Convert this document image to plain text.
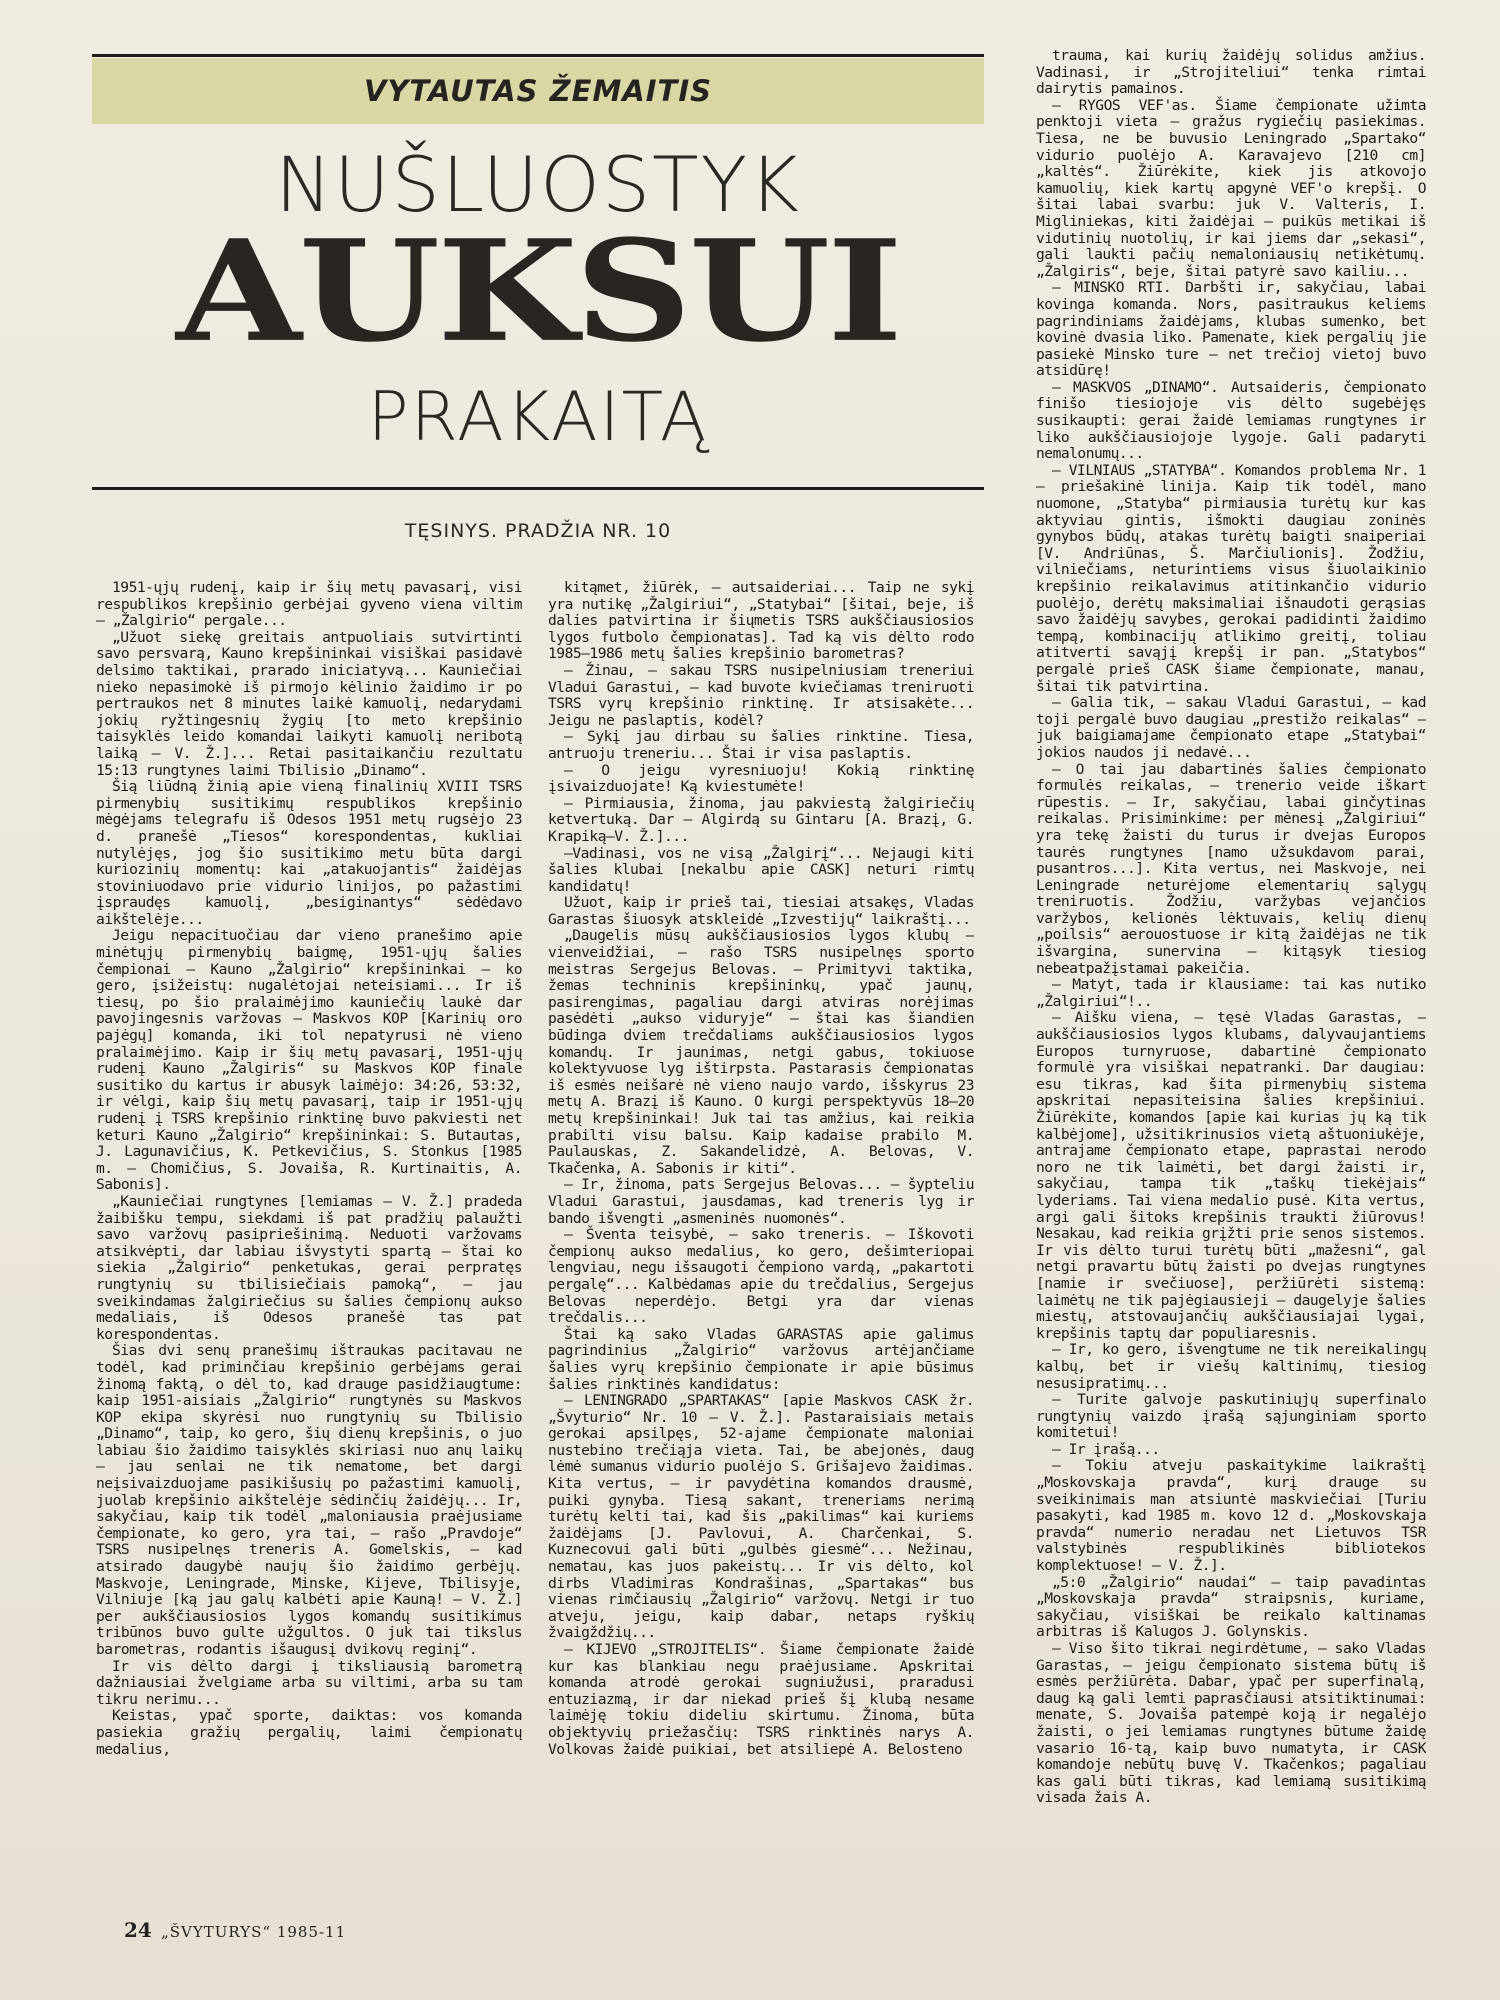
VYTAUTAS ŽEMAITIS
NUŠLUOSTYK
AUKSUI
PRAKAITĄ
TĘSINYS. PRADŽIA NR. 10

1951-ųjų rudenį, kaip ir šių metų pavasarį, visi respublikos krepšinio gerbėjai gyveno viena viltim — „Žalgirio“ pergale...

„Užuot siekę greitais antpuoliais sutvirtinti savo persvarą, Kauno krepšininkai visiškai pasidavė delsimo taktikai, prarado iniciatyvą... Kauniečiai nieko nepasimokė iš pirmojo kėlinio žaidimo ir po pertraukos net 8 minutes laikė kamuolį, nedarydami jokių ryžtingesnių žygių [to meto krepšinio taisyklės leido komandai laikyti kamuolį neribotą laiką — V. Ž.]... Retai pasitaikančiu rezultatu 15:13 rungtynes laimi Tbilisio „Dinamo“.

Šią liūdną žinią apie vieną finalinių XVIII TSRS pirmenybių susitikimų respublikos krepšinio mėgėjams telegrafu iš Odesos 1951 metų rugsėjo 23 d. pranešė „Tiesos“ korespondentas, kukliai nutylėjęs, jog šio susitikimo metu būta dargi kuriozinių momentų: kai „atakuojantis“ žaidėjas stoviniuodavo prie vidurio linijos, po pažastimi įspraudęs kamuolį, „besiginantys“ sėdėdavo aikštelėje...

Jeigu nepacituočiau dar vieno pranešimo apie minėtųjų pirmenybių baigmę, 1951-ųjų šalies čempionai — Kauno „Žalgirio“ krepšininkai — ko gero, įsižeistų: nugalėtojai neteisiami... Ir iš tiesų, po šio pralaimėjimo kauniečių laukė dar pavojingesnis varžovas — Maskvos KOP [Karinių oro pajėgų] komanda, iki tol nepatyrusi nė vieno pralaimėjimo. Kaip ir šių metų pavasarį, 1951-ųjų rudenį Kauno „Žalgiris“ su Maskvos KOP finale susitiko du kartus ir abusyk laimėjo: 34:26, 53:32, ir vėlgi, kaip šių metų pavasarį, taip ir 1951-ųjų rudenį į TSRS krepšinio rinktinę buvo pakviesti net keturi Kauno „Žalgirio“ krepšininkai: S. Butautas, J. Lagunavičius, K. Petkevičius, S. Stonkus [1985 m. — Chomičius, S. Jovaiša, R. Kurtinaitis, A. Sabonis].

„Kauniečiai rungtynes [lemiamas — V. Ž.] pradeda žaibišku tempu, siekdami iš pat pradžių palaužti savo varžovų pasipriešinimą. Neduoti varžovams atsikvėpti, dar labiau išvystyti spartą — štai ko siekia „Žalgirio“ penketukas, gerai perpratęs rungtynių su tbilisiečiais pamoką“, — jau sveikindamas žalgiriečius su šalies čempionų aukso medaliais, iš Odesos pranešė tas pat korespondentas.

Šias dvi senų pranešimų ištraukas pacitavau ne todėl, kad priminčiau krepšinio gerbėjams gerai žinomą faktą, o dėl to, kad drauge pasidžiaugtume: kaip 1951-aisiais „Žalgirio“ rungtynės su Maskvos KOP ekipa skyrėsi nuo rungtynių su Tbilisio „Dinamo“, taip, ko gero, šių dienų krepšinis, o juo labiau šio žaidimo taisyklės skiriasi nuo anų laikų — jau senlai ne tik nematome, bet dargi neįsivaizduojame pasikišusių po pažastimi kamuolį, juolab krepšinio aikštelėje sėdinčių žaidėjų... Ir, sakyčiau, kaip tik todėl „maloniausia praėjusiame čempionate, ko gero, yra tai, — rašo „Pravdoje“ TSRS nusipelnęs treneris A. Gomelskis, — kad atsirado daugybė naujų šio žaidimo gerbėjų. Maskvoje, Leningrade, Minske, Kijeve, Tbilisyje, Vilniuje [ką jau galų kalbėti apie Kauną! — V. Ž.] per aukščiausiosios lygos komandų susitikimus tribūnos buvo gulte užgultos. O juk tai tikslus barometras, rodantis išaugusį dvikovų reginį“.

Ir vis dėlto dargi į tiksliausią barometrą dažniausiai žvelgiame arba su viltimi, arba su tam tikru nerimu...

Keistas, ypač sporte, daiktas: vos komanda pasiekia gražių pergalių, laimi čempionatų medalius,

kitąmet, žiūrėk, — autsaideriai... Taip ne sykį yra nutikę „Žalgiriui“, „Statybai“ [šitai, beje, iš dalies patvirtina ir šiųmetis TSRS aukščiausiosios lygos futbolo čempionatas]. Tad ką vis dėlto rodo 1985—1986 metų šalies krepšinio barometras?

— Žinau, — sakau TSRS nusipelniusiam treneriui Vladui Garastui, — kad buvote kviečiamas treniruoti TSRS vyrų krepšinio rinktinę. Ir atsisakėte... Jeigu ne paslaptis, kodėl?

— Sykį jau dirbau su šalies rinktine. Tiesa, antruoju treneriu... Štai ir visa paslaptis.

— O jeigu vyresniuoju! Kokią rinktinę įsivaizduojate! Ką kviestumėte!

— Pirmiausia, žinoma, jau pakviestą žalgiriečių ketvertuką. Dar — Algirdą su Gintaru [A. Brazį, G. Krapiką—V. Ž.]...

—Vadinasi, vos ne visą „Žalgirį“... Nejaugi kiti šalies klubai [nekalbu apie CASK] neturi rimtų kandidatų!

Užuot, kaip ir prieš tai, tiesiai atsakęs, Vladas Garastas šiuosyk atskleidė „Izvestijų“ laikraštį...

„Daugelis mūsų aukščiausiosios lygos klubų — vienveidžiai, — rašo TSRS nusipelnęs sporto meistras Sergejus Belovas. — Primityvi taktika, žemas techninis krepšininkų, ypač jaunų, pasirengimas, pagaliau dargi atviras norėjimas pasėdėti „aukso viduryje“ — štai kas šiandien būdinga dviem trečdaliams aukščiausiosios lygos komandų. Ir jaunimas, netgi gabus, tokiuose kolektyvuose lyg ištirpsta. Pastarasis čempionatas iš esmės neišarė nė vieno naujo vardo, išskyrus 23 metų A. Brazį iš Kauno. O kurgi perspektyvūs 18—20 metų krepšininkai! Juk tai tas amžius, kai reikia prabilti visu balsu. Kaip kadaise prabilo M. Paulauskas, Z. Sakandelidzė, A. Belovas, V. Tkačenka, A. Sabonis ir kiti“.

— Ir, žinoma, pats Sergejus Belovas... — šypteliu Vladui Garastui, jausdamas, kad treneris lyg ir bando išvengti „asmeninės nuomonės“.

— Šventa teisybė, — sako treneris. — Iškovoti čempionų aukso medalius, ko gero, dešimteriopai lengviau, negu išsaugoti čempiono vardą, „pakartoti pergalę“... Kalbėdamas apie du trečdalius, Sergejus Belovas neperdėjo. Betgi yra dar vienas trečdalis...

Štai ką sako Vladas GARASTAS apie galimus pagrindinius „Žalgirio“ varžovus artėjančiame šalies vyrų krepšinio čempionate ir apie būsimus šalies rinktinės kandidatus:

— LENINGRADO „SPARTAKAS“ [apie Maskvos CASK žr. „Švyturio“ Nr. 10 — V. Ž.]. Pastaraisiais metais gerokai apsilpęs, 52-ajame čempionate maloniai nustebino trečiąja vieta. Tai, be abejonės, daug lėmė sumanus vidurio puolėjo S. Grišajevo žaidimas. Kita vertus, — ir pavydėtina komandos drausmė, puiki gynyba. Tiesą sakant, treneriams nerimą turėtų kelti tai, kad šis „pakilimas“ kai kuriems žaidėjams [J. Pavlovui, A. Charčenkai, S. Kuznecovui gali būti „gulbės giesmė“... Nežinau, nematau, kas juos pakeistų... Ir vis dėlto, kol dirbs Vladimiras Kondrašinas, „Spartakas“ bus vienas rimčiausių „Žalgirio“ varžovų. Netgi ir tuo atveju, jeigu, kaip dabar, netaps ryškių žvaigždžių...

— KIJEVO „STROJITELIS“. Šiame čempionate žaidė kur kas blankiau negu praėjusiame. Apskritai komanda atrodė gerokai sugniužusi, praradusi entuziazmą, ir dar niekad prieš šį klubą nesame laimėję tokiu dideliu skirtumu. Žinoma, būta objektyvių priežasčių: TSRS rinktinės narys A. Volkovas žaidė puikiai, bet atsiliepė A. Belosteno

trauma, kai kurių žaidėjų solidus amžius. Vadinasi, ir „Strojiteliui“ tenka rimtai dairytis pamainos.

— RYGOS VEF'as. Šiame čempionate užimta penktoji vieta — gražus rygiečių pasiekimas. Tiesa, ne be buvusio Leningrado „Spartako“ vidurio puolėjo A. Karavajevo [210 cm] „kaltės“. Žiūrėkite, kiek jis atkovojo kamuolių, kiek kartų apgynė VEF'o krepšį. O šitai labai svarbu: juk V. Valteris, I. Migliniekas, kiti žaidėjai — puikūs metikai iš vidutinių nuotolių, ir kai jiems dar „sekasi“, gali laukti pačių nemaloniausių netikėtumų. „Žalgiris“, beje, šitai patyrė savo kailiu...

— MINSKO RTI. Darbšti ir, sakyčiau, labai kovinga komanda. Nors, pasitraukus keliems pagrindiniams žaidėjams, klubas sumenko, bet kovinė dvasia liko. Pamenate, kiek pergalių jie pasiekė Minsko ture — net trečioj vietoj buvo atsidūrę!

— MASKVOS „DINAMO“. Autsaideris, čempionato finišo tiesiojoje vis dėlto sugebėjęs susikaupti: gerai žaidė lemiamas rungtynes ir liko aukščiausiojoje lygoje. Gali padaryti nemalonumų...

— VILNIAUS „STATYBA“. Komandos problema Nr. 1 — priešakinė linija. Kaip tik todėl, mano nuomone, „Statyba“ pirmiausia turėtų kur kas aktyviau gintis, išmokti daugiau zoninės gynybos būdų, atakas turėtų baigti snaiperiai [V. Andriūnas, Š. Marčiulionis]. Žodžiu, vilniečiams, neturintiems visus šiuolaikinio krepšinio reikalavimus atitinkančio vidurio puolėjo, derėtų maksimaliai išnaudoti gerąsias savo žaidėjų savybes, gerokai padidinti žaidimo tempą, kombinacijų atlikimo greitį, toliau atitverti savąjį krepšį ir pan. „Statybos“ pergalė prieš CASK šiame čempionate, manau, šitai tik patvirtina.

— Galia tik, — sakau Vladui Garastui, — kad toji pergalė buvo daugiau „prestižo reikalas“ — juk baigiamajame čempionato etape „Statybai“ jokios naudos ji nedavė...

— O tai jau dabartinės šalies čempionato formulės reikalas, — trenerio veide iškart rūpestis. — Ir, sakyčiau, labai ginčytinas reikalas. Prisiminkime: per mėnesį „Žalgiriui“ yra tekę žaisti du turus ir dvejas Europos taurės rungtynes [namo užsukdavom parai, pusantros...]. Kita vertus, nei Maskvoje, nei Leningrade neturėjome elementarių sąlygų treniruotis. Žodžiu, varžybas vejančios varžybos, kelionės lėktuvais, kelių dienų „poilsis“ aerouostuose ir kitą žaidėjas ne tik išvargina, sunervina — kitąsyk tiesiog nebeatpažįstamai pakeičia.

— Matyt, tada ir klausiame: tai kas nutiko „Žalgiriui“!..

— Aišku viena, — tęsė Vladas Garastas, — aukščiausiosios lygos klubams, dalyvaujantiems Europos turnyruose, dabartinė čempionato formulė yra visiškai nepatranki. Dar daugiau: esu tikras, kad šita pirmenybių sistema apskritai nepasiteisina šalies krepšiniui. Žiūrėkite, komandos [apie kai kurias jų ką tik kalbėjome], užsitikrinusios vietą aštuoniukėje, antrajame čempionato etape, paprastai nerodo noro ne tik laimėti, bet dargi žaisti ir, sakyčiau, tampa tik „taškų tiekėjais“ lyderiams. Tai viena medalio pusė. Kita vertus, argi gali šitoks krepšinis traukti žiūrovus! Nesakau, kad reikia grįžti prie senos sistemos. Ir vis dėlto turui turėtų būti „mažesni“, gal netgi pravartu būtų žaisti po dvejas rungtynes [namie ir svečiuose], peržiūrėti sistemą: laimėtų ne tik pajėgiausieji — daugelyje šalies miestų, atstovaujančių aukščiausiajai lygai, krepšinis taptų dar populiaresnis.

— Ir, ko gero, išvengtume ne tik nereikalingų kalbų, bet ir viešų kaltinimų, tiesiog nesusipratimų...

— Turite galvoje paskutiniųjų superfinalo rungtynių vaizdo įrašą sąjunginiam sporto komitetui!

— Ir įrašą...

— Tokiu atveju paskaitykime laikraštį „Moskovskaja pravda“, kurį drauge su sveikinimais man atsiuntė maskviečiai [Turiu pasakyti, kad 1985 m. kovo 12 d. „Moskovskaja pravda“ numerio neradau net Lietuvos TSR valstybinės respublikinės bibliotekos komplektuose! — V. Ž.].

„5:0 „Žalgirio“ naudai“ — taip pavadintas „Moskovskaja pravda“ straipsnis, kuriame, sakyčiau, visiškai be reikalo kaltinamas arbitras iš Kalugos J. Golynskis.

— Viso šito tikrai negirdėtume, — sako Vladas Garastas, — jeigu čempionato sistema būtų iš esmės peržiūrėta. Dabar, ypač per superfinalą, daug ką gali lemti paprasčiausi atsitiktinumai: menate, S. Jovaiša patempė koją ir negalėjo žaisti, o jei lemiamas rungtynes būtume žaidę vasario 16-tą, kaip buvo numatyta, ir CASK komandoje nebūtų buvę V. Tkačenkos; pagaliau kas gali būti tikras, kad lemiamą susitikimą visada žais A.

24 „ŠVYTURYS“ 1985-11
